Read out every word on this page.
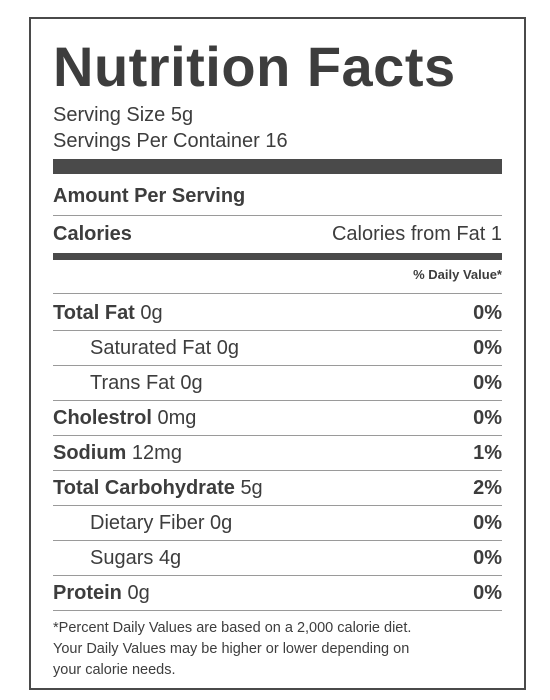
Nutrition Facts
Serving Size 5g
Servings Per Container 16
Amount Per Serving
Calories	Calories from Fat 1
% Daily Value*
Total Fat 0g	0%
Saturated Fat 0g	0%
Trans Fat 0g	0%
Cholestrol 0mg	0%
Sodium 12mg	1%
Total Carbohydrate 5g	2%
Dietary Fiber 0g	0%
Sugars 4g	0%
Protein 0g	0%
*Percent Daily Values are based on a 2,000 calorie diet.
Your Daily Values may be higher or lower depending on
your calorie needs.
